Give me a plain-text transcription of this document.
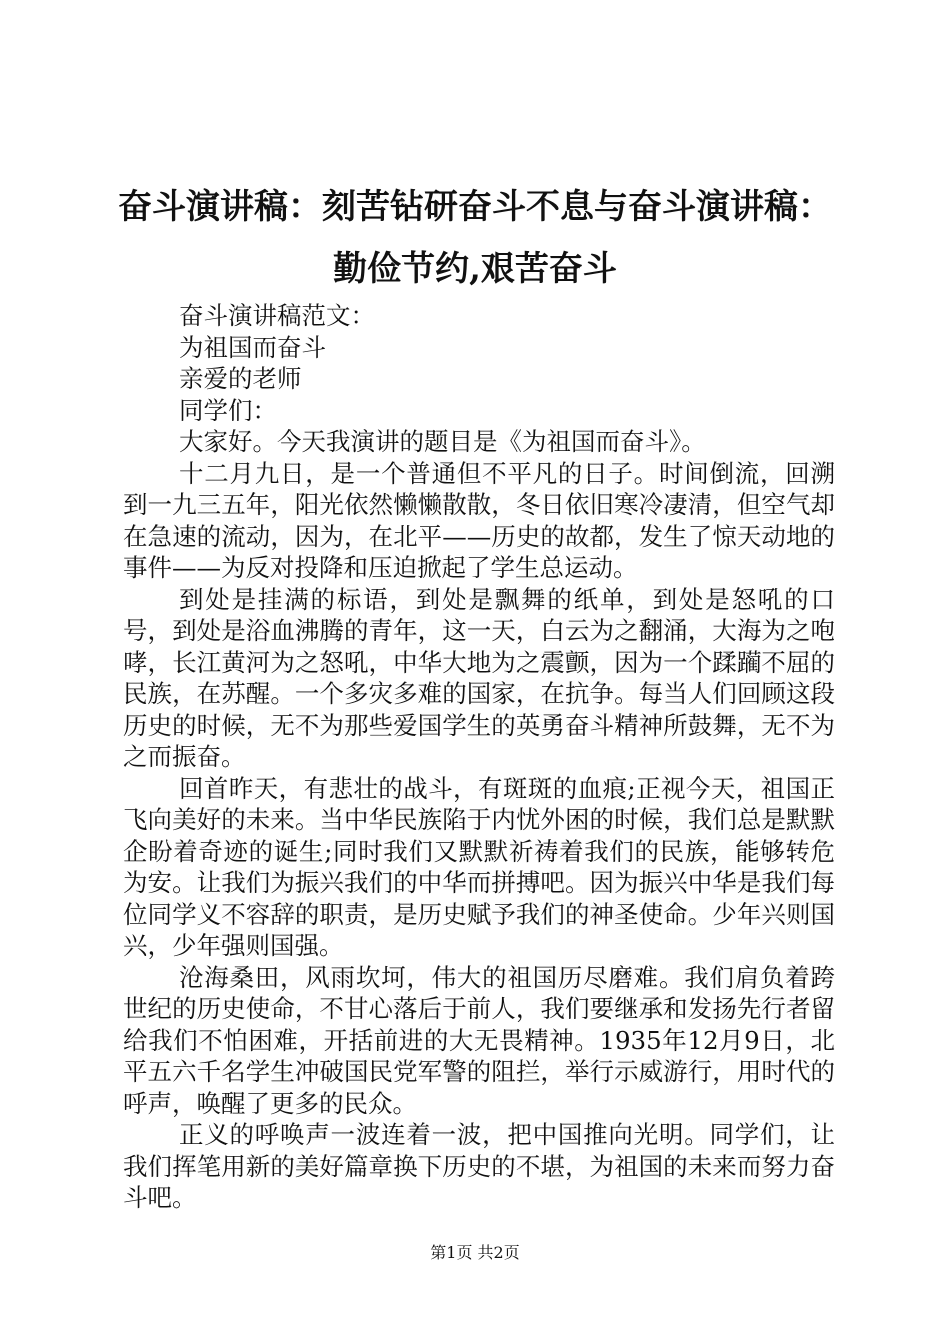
奋斗演讲稿：刻苦钻研奋斗不息与奋斗演讲稿：
勤俭节约,艰苦奋斗

奋斗演讲稿范文：

为祖国而奋斗

亲爱的老师

同学们：

大家好。今天我演讲的题目是《为祖国而奋斗》。

十二月九日，是一个普通但不平凡的日子。时间倒流，回溯到一九三五年，阳光依然懒懒散散，冬日依旧寒冷凄清，但空气却在急速的流动，因为，在北平——历史的故都，发生了惊天动地的事件——为反对投降和压迫掀起了学生总运动。

到处是挂满的标语，到处是飘舞的纸单，到处是怒吼的口号，到处是浴血沸腾的青年，这一天，白云为之翻涌，大海为之咆哮，长江黄河为之怒吼，中华大地为之震颤，因为一个蹂躏不屈的民族，在苏醒。一个多灾多难的国家，在抗争。每当人们回顾这段历史的时候，无不为那些爱国学生的英勇奋斗精神所鼓舞，无不为之而振奋。

回首昨天，有悲壮的战斗，有斑斑的血痕;正视今天，祖国正飞向美好的未来。当中华民族陷于内忧外困的时候，我们总是默默企盼着奇迹的诞生;同时我们又默默祈祷着我们的民族，能够转危为安。让我们为振兴我们的中华而拼搏吧。因为振兴中华是我们每位同学义不容辞的职责，是历史赋予我们的神圣使命。少年兴则国兴，少年强则国强。

沧海桑田，风雨坎坷，伟大的祖国历尽磨难。我们肩负着跨世纪的历史使命，不甘心落后于前人，我们要继承和发扬先行者留给我们不怕困难，开括前进的大无畏精神。1935年12月9日，北平五六千名学生冲破国民党军警的阻拦，举行示威游行，用时代的呼声，唤醒了更多的民众。

正义的呼唤声一波连着一波，把中国推向光明。同学们，让我们挥笔用新的美好篇章换下历史的不堪，为祖国的未来而努力奋斗吧。

第1页 共2页
